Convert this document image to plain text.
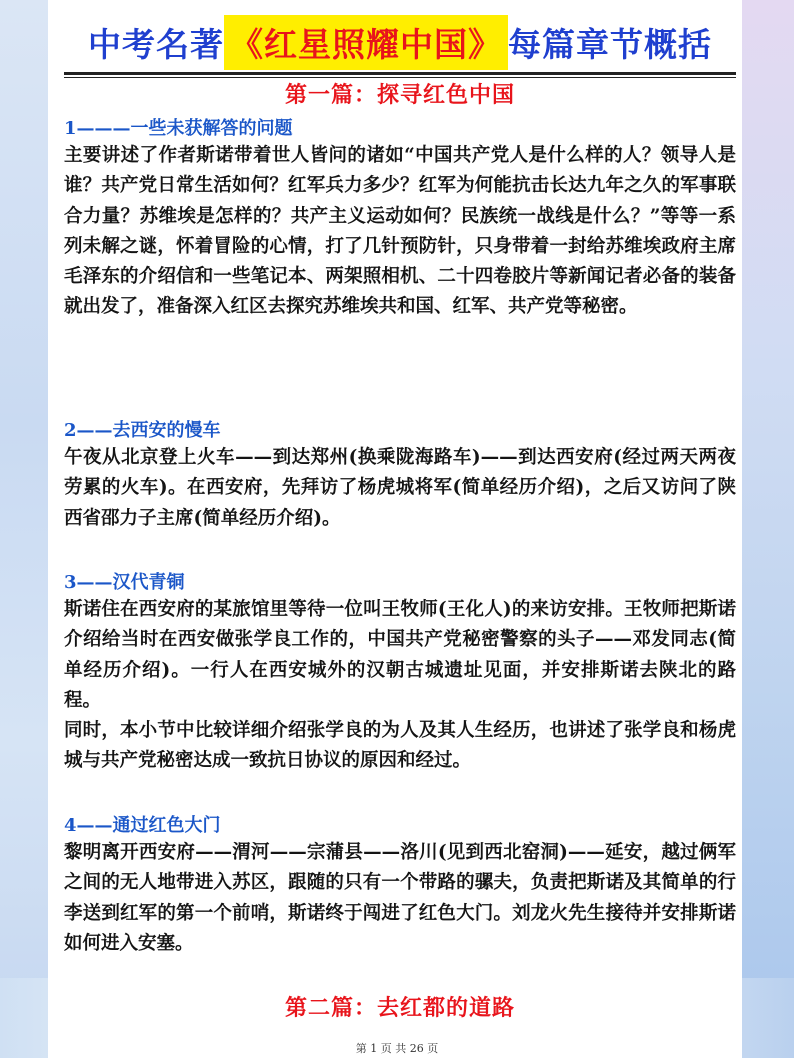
中考名著 《红星照耀中国》 每篇章节概括
第一篇：探寻红色中国
1———一些未获解答的问题
主要讲述了作者斯诺带着世人皆问的诸如“中国共产党人是什么样的人？领导人是谁？共产党日常生活如何？红军兵力多少？红军为何能抗击长达九年之久的军事联合力量？苏维埃是怎样的？共产主义运动如何？民族统一战线是什么？”等等一系列未解之谜，怀着冒险的心情，打了几针预防针，只身带着一封给苏维埃政府主席毛泽东的介绍信和一些笔记本、两架照相机、二十四卷胶片等新闻记者必备的装备就出发了，准备深入红区去探究苏维埃共和国、红军、共产党等秘密。
2——去西安的慢车
午夜从北京登上火车——到达郑州(换乘陇海路车)——到达西安府(经过两天两夜劳累的火车)。在西安府，先拜访了杨虎城将军(简单经历介绍)，之后又访问了陕西省邵力子主席(简单经历介绍)。
3——汉代青铜
斯诺住在西安府的某旅馆里等待一位叫王牧师(王化人)的来访安排。王牧师把斯诺介绍给当时在西安做张学良工作的，中国共产党秘密警察的头子——邓发同志(简单经历介绍)。一行人在西安城外的汉朝古城遗址见面，并安排斯诺去陕北的路程。
同时，本小节中比较详细介绍张学良的为人及其人生经历，也讲述了张学良和杨虎城与共产党秘密达成一致抗日协议的原因和经过。
4——通过红色大门
黎明离开西安府——渭河——宗蒲县——洛川(见到西北窑洞)——延安，越过俩军之间的无人地带进入苏区，跟随的只有一个带路的骡夫，负责把斯诺及其简单的行李送到红军的第一个前哨，斯诺终于闯进了红色大门。刘龙火先生接待并安排斯诺如何进入安塞。
第二篇：去红都的道路
第 1 页 共 26 页
